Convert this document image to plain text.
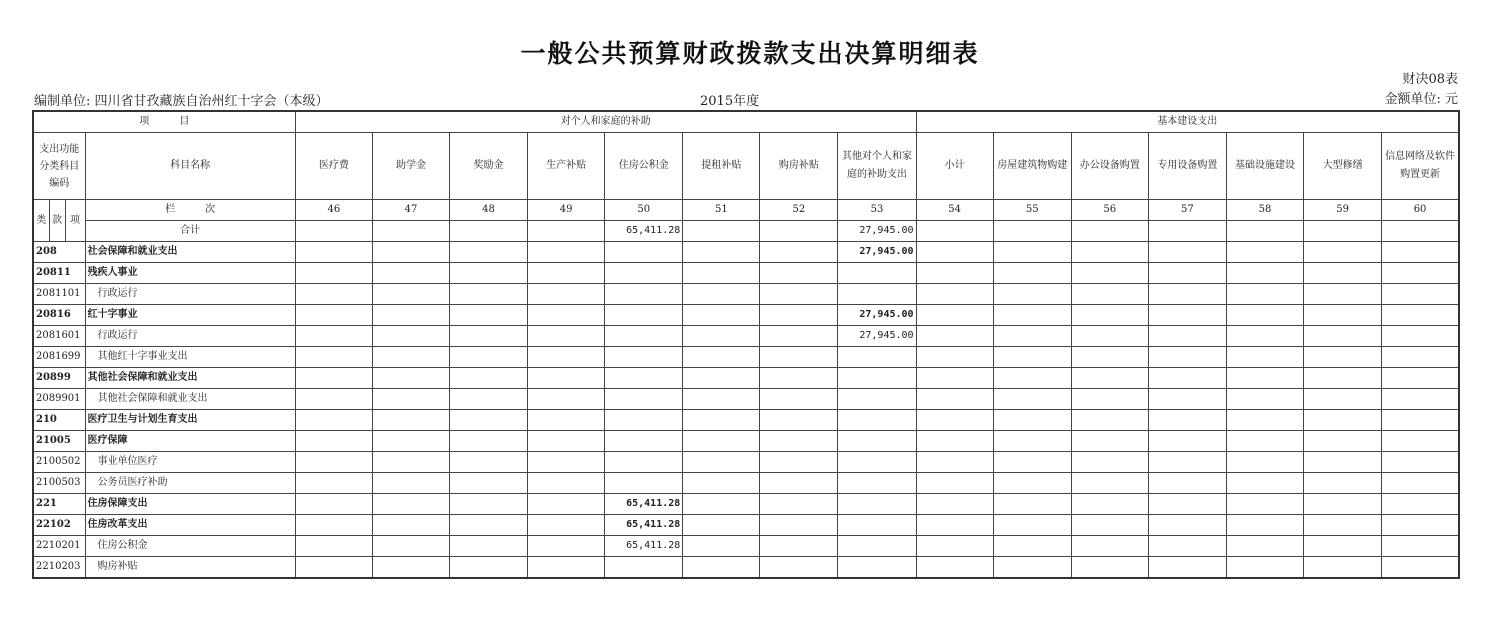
一般公共预算财政拨款支出决算明细表
财决08表
编制单位: 四川省甘孜藏族自治州红十字会（本级）	2015年度	金额单位: 元
项　　　目				对个人和家庭的补助								基本建设支出						
支出功能分类科目编码			科目名称	医疗费	助学金	奖励金	生产补贴	住房公积金	提租补贴	购房补贴	其他对个人和家庭的补助支出	小计	房屋建筑物购建	办公设备购置	专用设备购置	基础设施建设	大型修缮	信息网络及软件购置更新
类	款	项	栏　　　次	46	47	48	49	50	51	52	53	54	55	56	57	58	59	60
			合计					65,411.28			27,945.00							
208			社会保障和就业支出								27,945.00							
20811			残疾人事业															
2081101			行政运行															
20816			红十字事业								27,945.00							
2081601			行政运行								27,945.00							
2081699			其他红十字事业支出															
20899			其他社会保障和就业支出															
2089901			其他社会保障和就业支出															
210			医疗卫生与计划生育支出															
21005			医疗保障															
2100502			事业单位医疗															
2100503			公务员医疗补助															
221			住房保障支出					65,411.28										
22102			住房改革支出					65,411.28										
2210201			住房公积金					65,411.28										
2210203			购房补贴															
